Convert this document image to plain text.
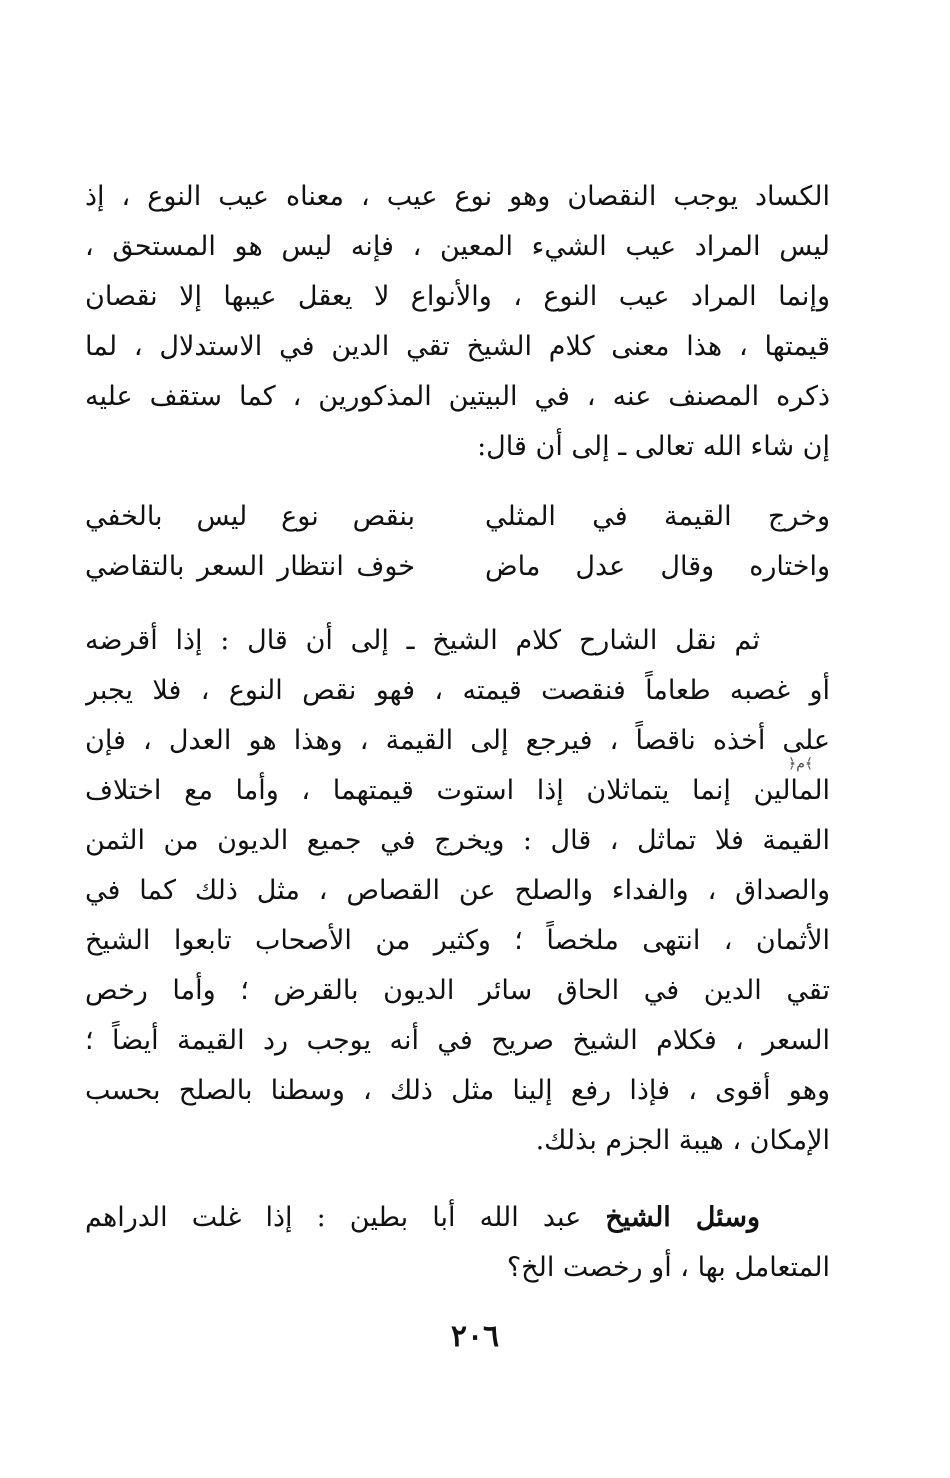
الكساد يوجب النقصان وهو نوع عيب ، معناه عيب النوع ، إذ
ليس المراد عيب الشيء المعين ، فإنه ليس هو المستحق ،
وإنما المراد عيب النوع ، والأنواع لا يعقل عيبها إلا نقصان
قيمتها ، هذا معنى كلام الشيخ تقي الدين في الاستدلال ، لما
ذكره المصنف عنه ، في البيتين المذكورين ، كما ستقف عليه
إن شاء الله تعالى ـ إلى أن قال:
وخرج القيمة في المثلي
بنقص نوع ليس بالخفي
واختاره وقال عدل ماض
خوف انتظار السعر بالتقاضي
ثم نقل الشارح كلام الشيخ ـ إلى أن قال : إذا أقرضه
أو غصبه طعاماً فنقصت قيمته ، فهو نقص النوع ، فلا يجبر
على أخذه ناقصاً ، فيرجع إلى القيمة ، وهذا هو العدل ، فإن
المالين إنما يتماثلان إذا استوت قيمتهما ، وأما مع اختلاف
القيمة فلا تماثل ، قال : ويخرج في جميع الديون من الثمن
والصداق ، والفداء والصلح عن القصاص ، مثل ذلك كما في
الأثمان ، انتهى ملخصاً ؛ وكثير من الأصحاب تابعوا الشيخ
تقي الدين في الحاق سائر الديون بالقرض ؛ وأما رخص
السعر ، فكلام الشيخ صريح في أنه يوجب رد القيمة أيضاً ؛
وهو أقوى ، فإذا رفع إلينا مثل ذلك ، وسطنا بالصلح بحسب
الإمكان ، هيبة الجزم بذلك.
وسئل الشيخ عبد الله أبا بطين : إذا غلت الدراهم
المتعامل بها ، أو رخصت الخ؟
﴿م﴾
٢٠٦
